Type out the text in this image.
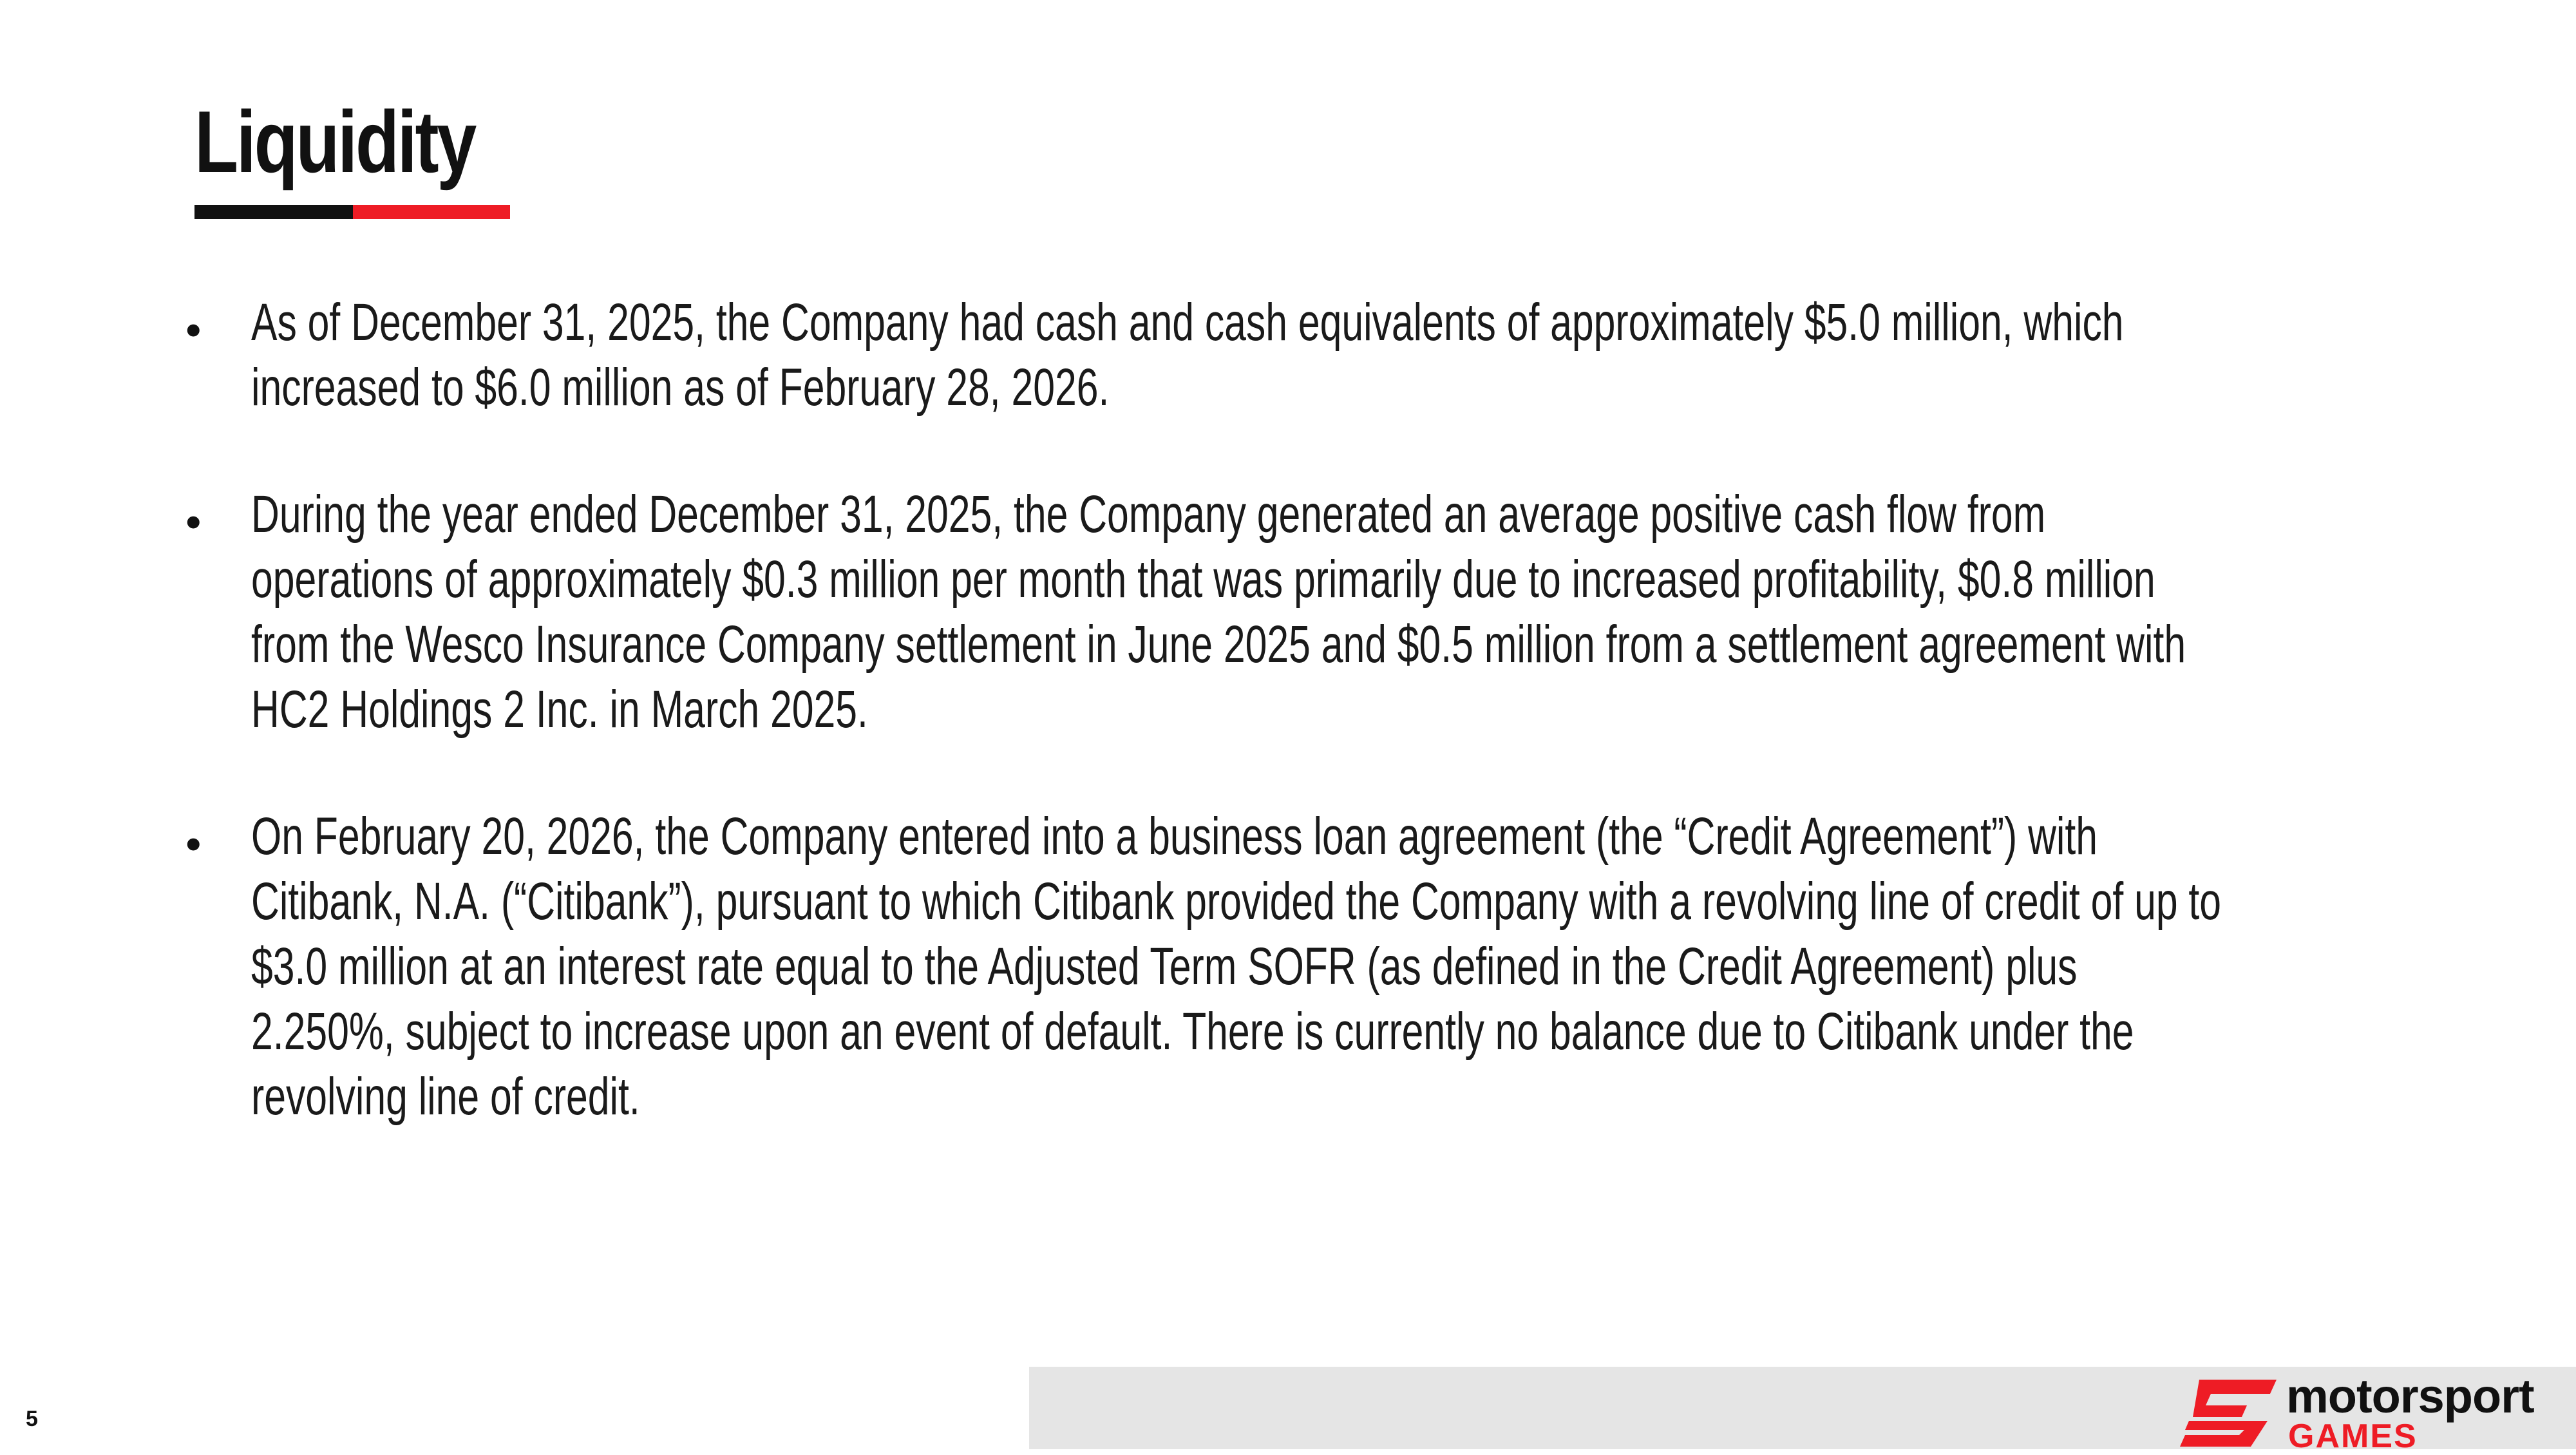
Liquidity
• As of December 31, 2025, the Company had cash and cash equivalents of approximately $5.0 million, which increased to $6.0 million as of February 28, 2026.
• During the year ended December 31, 2025, the Company generated an average positive cash flow from operations of approximately $0.3 million per month that was primarily due to increased profitability, $0.8 million from the Wesco Insurance Company settlement in June 2025 and $0.5 million from a settlement agreement with HC2 Holdings 2 Inc. in March 2025.
• On February 20, 2026, the Company entered into a business loan agreement (the “Credit Agreement”) with Citibank, N.A. (“Citibank”), pursuant to which Citibank provided the Company with a revolving line of credit of up to $3.0 million at an interest rate equal to the Adjusted Term SOFR (as defined in the Credit Agreement) plus 2.250%, subject to increase upon an event of default. There is currently no balance due to Citibank under the revolving line of credit.
5	motorsport
GAMES
